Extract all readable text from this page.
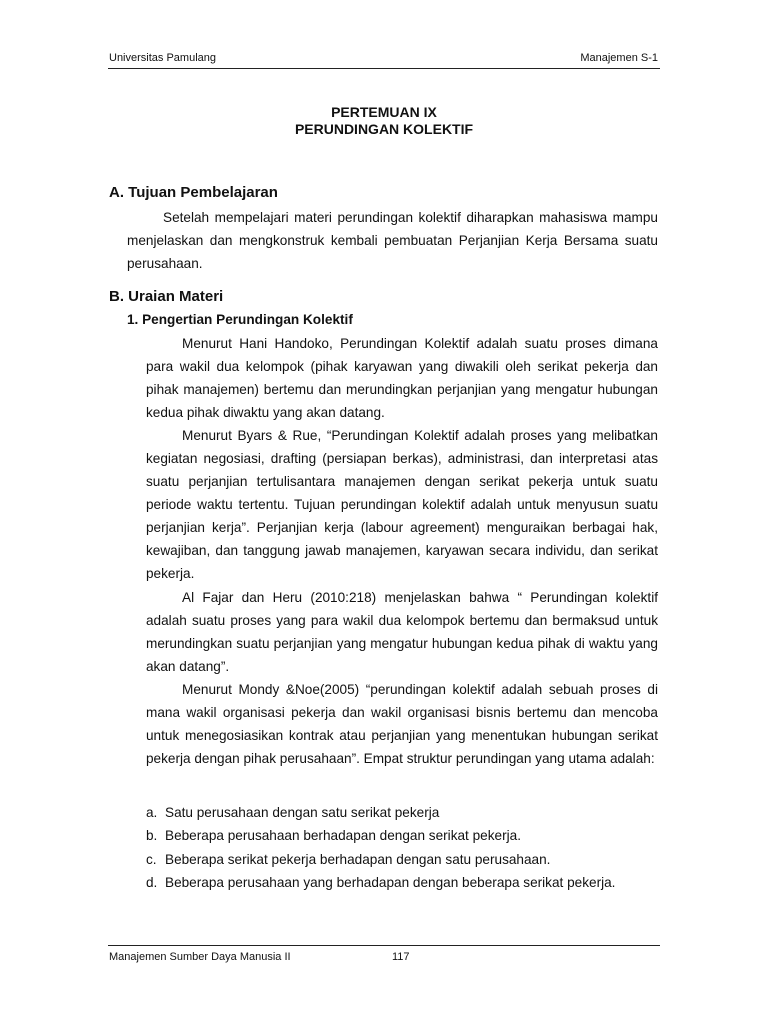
Universitas Pamulang	Manajemen S-1
PERTEMUAN IX
PERUNDINGAN KOLEKTIF
A. Tujuan Pembelajaran
Setelah mempelajari materi perundingan kolektif diharapkan mahasiswa mampu menjelaskan dan mengkonstruk kembali pembuatan Perjanjian Kerja Bersama suatu perusahaan.
B. Uraian Materi
1. Pengertian Perundingan Kolektif
Menurut Hani Handoko, Perundingan Kolektif adalah suatu proses dimana para wakil dua kelompok (pihak karyawan yang diwakili oleh serikat pekerja dan pihak manajemen) bertemu dan merundingkan perjanjian yang mengatur hubungan kedua pihak diwaktu yang akan datang.
Menurut Byars & Rue, “Perundingan Kolektif adalah proses yang melibatkan kegiatan negosiasi, drafting (persiapan berkas), administrasi, dan interpretasi atas suatu perjanjian tertulisantara manajemen dengan serikat pekerja untuk suatu periode waktu tertentu. Tujuan perundingan kolektif adalah untuk menyusun suatu perjanjian kerja”. Perjanjian kerja (labour agreement) menguraikan berbagai hak, kewajiban, dan tanggung jawab manajemen, karyawan secara individu, dan serikat pekerja.
Al Fajar dan Heru (2010:218) menjelaskan bahwa “ Perundingan kolektif adalah suatu proses yang para wakil dua kelompok bertemu dan bermaksud untuk merundingkan suatu perjanjian yang mengatur hubungan kedua pihak di waktu yang akan datang”.
Menurut Mondy &Noe(2005) “perundingan kolektif adalah sebuah proses di mana wakil organisasi pekerja dan wakil organisasi bisnis bertemu dan mencoba untuk menegosiasikan kontrak atau perjanjian yang menentukan hubungan serikat pekerja dengan pihak perusahaan”. Empat struktur perundingan yang utama adalah:
a. Satu perusahaan dengan satu serikat pekerja
b. Beberapa perusahaan berhadapan dengan serikat pekerja.
c. Beberapa serikat pekerja berhadapan dengan satu perusahaan.
d. Beberapa perusahaan yang berhadapan dengan beberapa serikat pekerja.
Manajemen Sumber Daya Manusia II	117
